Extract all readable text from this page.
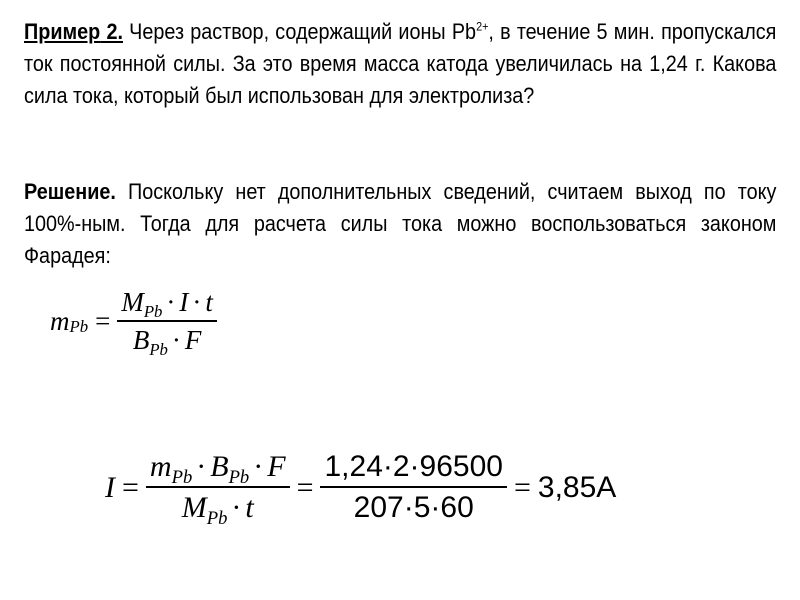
Пример 2. Через раствор, содержащий ионы $Pb^{2+}$, в течение 5 мин. пропускался ток постоянной силы. За это время масса катода увеличилась на 1,24 г. Какова сила тока, который был использован для электролиза?
Решение. Поскольку нет дополнительных сведений, считаем выход по току 100%-ным. Тогда для расчета силы тока можно воспользоваться законом Фарадея:
m $Pb = \frac{M_{Pb} \cdot I \cdot t}{B_{Pb} \cdot F}$
$I = \frac{m_{Pb} \cdot B_{Pb} \cdot F}{M_{Pb} \cdot t} = \frac{1,24\cdot 2\cdot 96500}{207\cdot 5\cdot 60} = 3,85$ A
